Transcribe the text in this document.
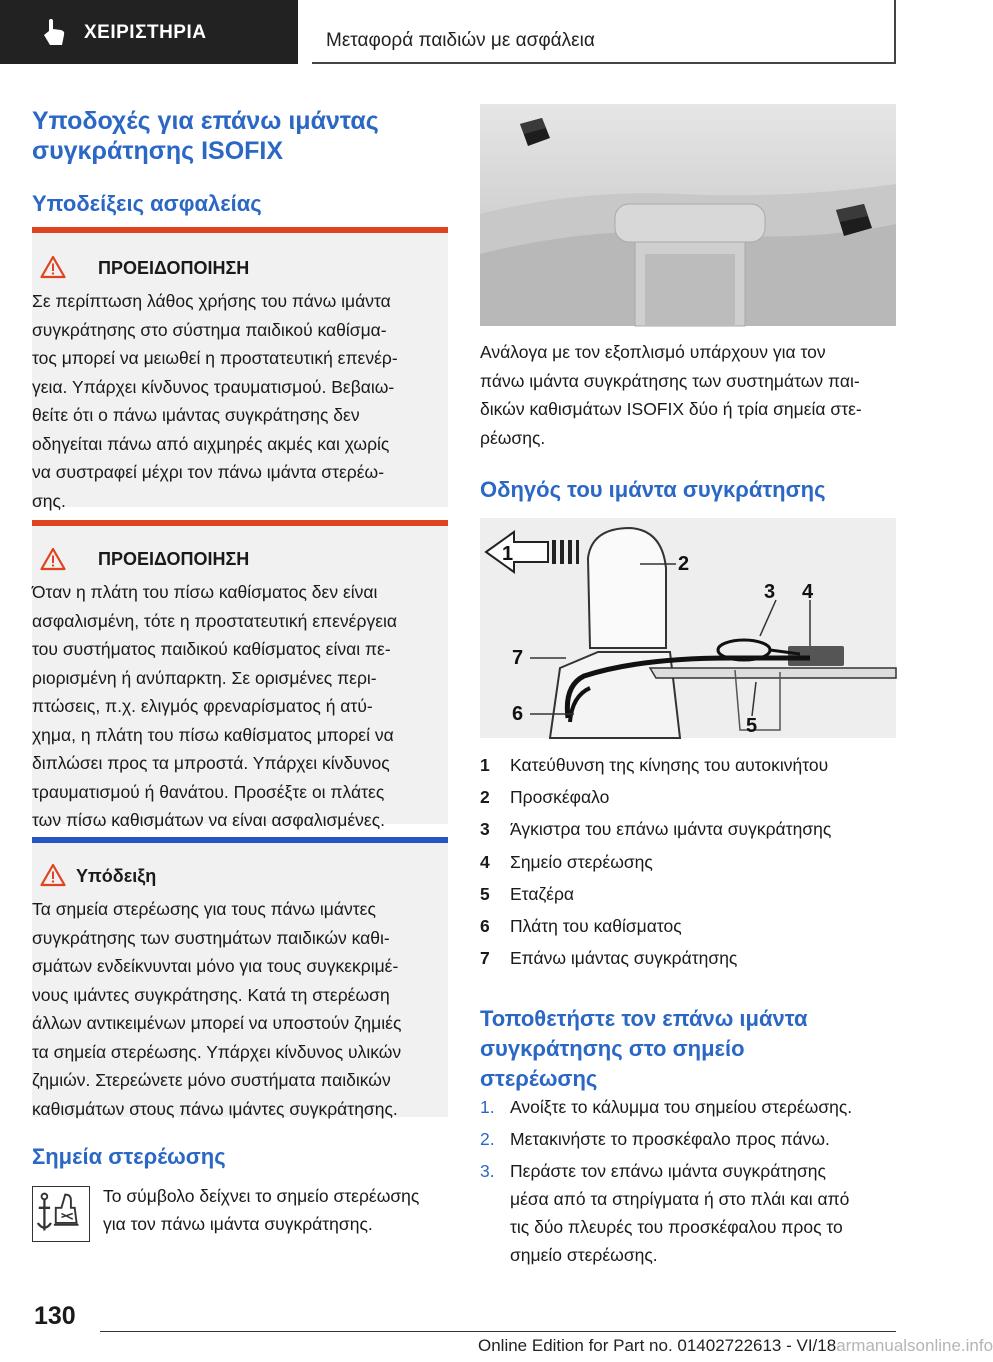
ΧΕΙΡΙΣΤΗΡΙΑ	Μεταφορά παιδιών με ασφάλεια
Υποδοχές για επάνω ιμάντας
συγκράτησης ISOFIX
Υποδείξεις ασφαλείας
ΠΡΟΕΙΔΟΠΟΙΗΣΗ
Σε περίπτωση λάθος χρήσης του πάνω ιμάντα
συγκράτησης στο σύστημα παιδικού καθίσμα-
τος μπορεί να μειωθεί η προστατευτική επενέρ-
γεια. Υπάρχει κίνδυνος τραυματισμού. Βεβαιω-
θείτε ότι ο πάνω ιμάντας συγκράτησης δεν
οδηγείται πάνω από αιχμηρές ακμές και χωρίς
να συστραφεί μέχρι τον πάνω ιμάντα στερέω-
σης.
ΠΡΟΕΙΔΟΠΟΙΗΣΗ
Όταν η πλάτη του πίσω καθίσματος δεν είναι
ασφαλισμένη, τότε η προστατευτική επενέργεια
του συστήματος παιδικού καθίσματος είναι πε-
ριορισμένη ή ανύπαρκτη. Σε ορισμένες περι-
πτώσεις, π.χ. ελιγμός φρεναρίσματος ή ατύ-
χημα, η πλάτη του πίσω καθίσματος μπορεί να
διπλώσει προς τα μπροστά. Υπάρχει κίνδυνος
τραυματισμού ή θανάτου. Προσέξτε οι πλάτες
των πίσω καθισμάτων να είναι ασφαλισμένες.
Υπόδειξη
Τα σημεία στερέωσης για τους πάνω ιμάντες
συγκράτησης των συστημάτων παιδικών καθι-
σμάτων ενδείκνυνται μόνο για τους συγκεκριμέ-
νους ιμάντες συγκράτησης. Κατά τη στερέωση
άλλων αντικειμένων μπορεί να υποστούν ζημιές
τα σημεία στερέωσης. Υπάρχει κίνδυνος υλικών
ζημιών. Στερεώνετε μόνο συστήματα παιδικών
καθισμάτων στους πάνω ιμάντες συγκράτησης.
Σημεία στερέωσης
Το σύμβολο δείχνει το σημείο στερέωσης
για τον πάνω ιμάντα συγκράτησης.
Ανάλογα με τον εξοπλισμό υπάρχουν για τον
πάνω ιμάντα συγκράτησης των συστημάτων παι-
δικών καθισμάτων ISOFIX δύο ή τρία σημεία στε-
ρέωσης.
Οδηγός του ιμάντα συγκράτησης
1	2
3 4
5
6
7
1	Κατεύθυνση της κίνησης του αυτοκινήτου
2	Προσκέφαλο
3	Άγκιστρα του επάνω ιμάντα συγκράτησης
4	Σημείο στερέωσης
5	Εταζέρα
6	Πλάτη του καθίσματος
7	Επάνω ιμάντας συγκράτησης
Τοποθετήστε τον επάνω ιμάντα
συγκράτησης στο σημείο
στερέωσης
1. Ανοίξτε το κάλυμμα του σημείου στερέωσης.
2. Μετακινήστε το προσκέφαλο προς πάνω.
3. Περάστε τον επάνω ιμάντα συγκράτησης
μέσα από τα στηρίγματα ή στο πλάι και από
τις δύο πλευρές του προσκέφαλου προς το
σημείο στερέωσης.
130
Online Edition for Part no. 01402722613 - VI/18armanualsonline.info
